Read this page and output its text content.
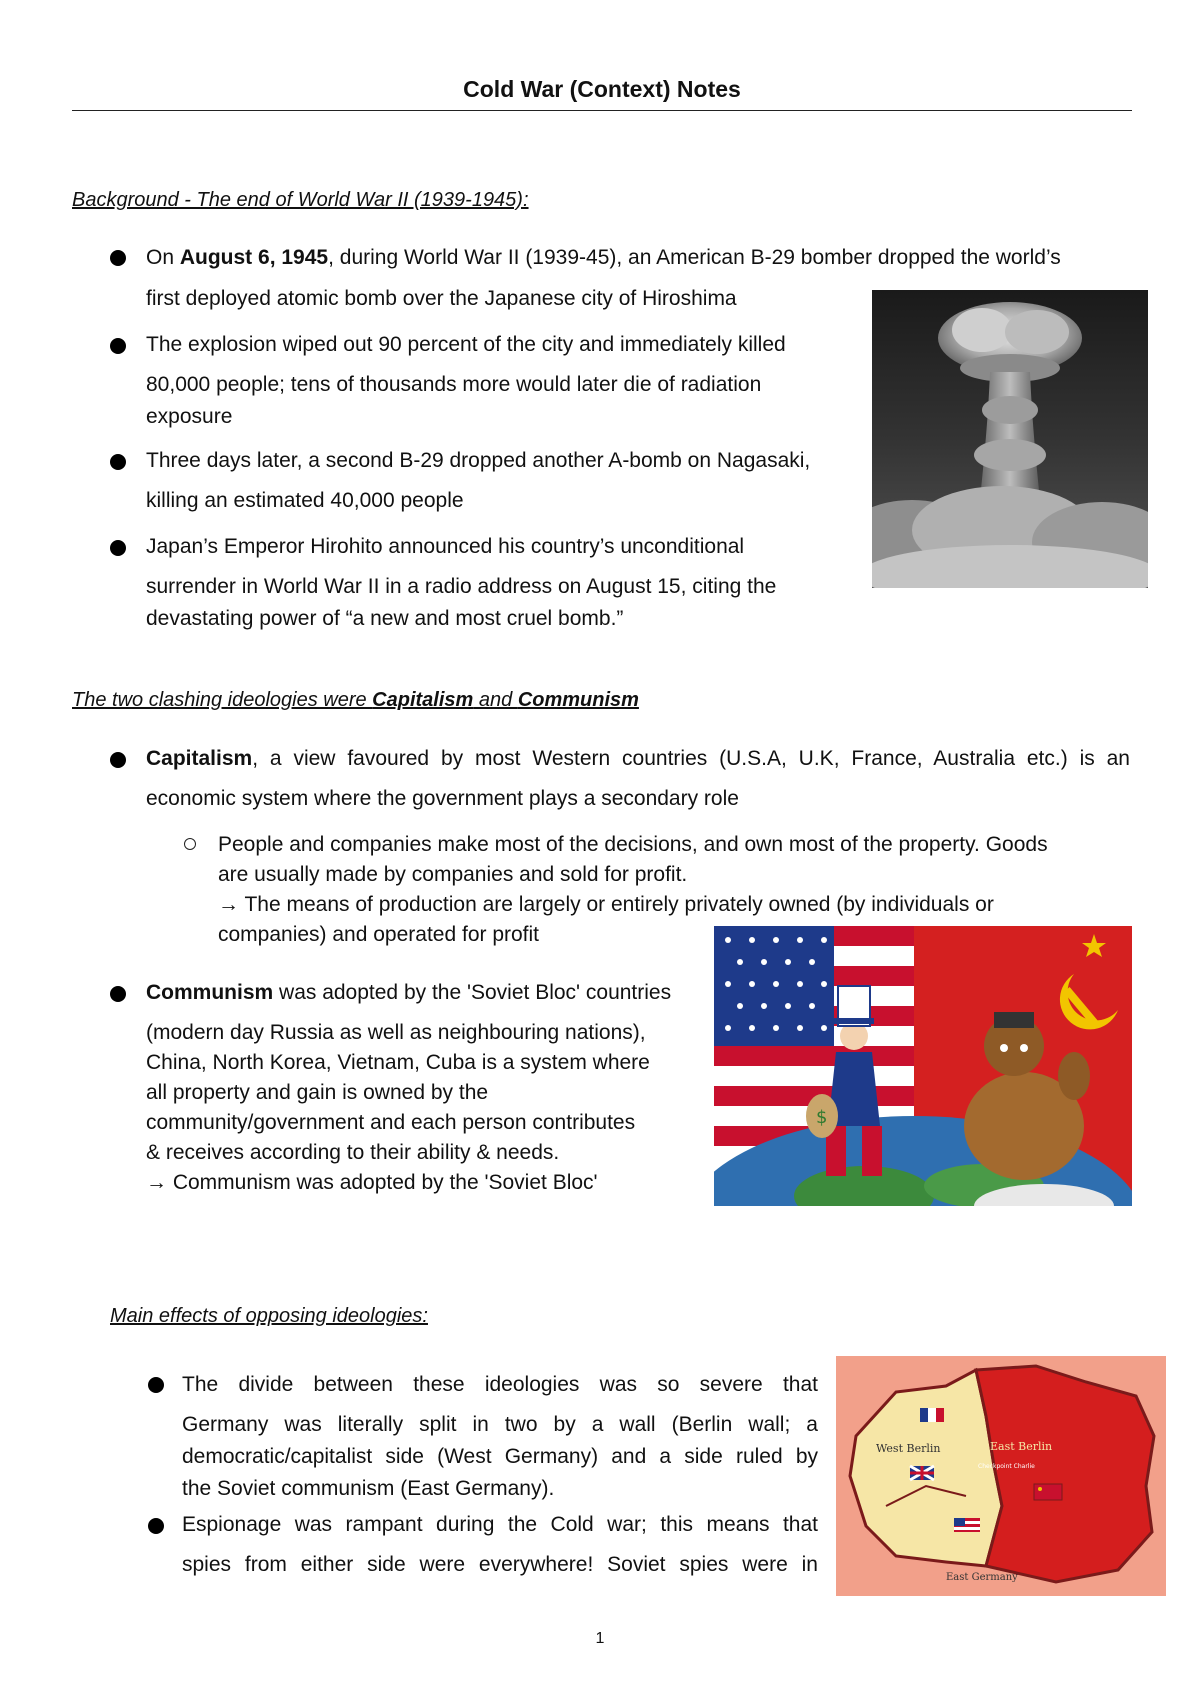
Cold War (Context) Notes
Background - The end of World War II (1939-1945):
On August 6, 1945, during World War II (1939-45), an American B-29 bomber dropped the world’s
first deployed atomic bomb over the Japanese city of Hiroshima
The explosion wiped out 90 percent of the city and immediately killed
80,000 people; tens of thousands more would later die of radiation
exposure
Three days later, a second B-29 dropped another A-bomb on Nagasaki,
killing an estimated 40,000 people
Japan’s Emperor Hirohito announced his country’s unconditional
surrender in World War II in a radio address on August 15, citing the
devastating power of “a new and most cruel bomb.”
The two clashing ideologies were Capitalism and Communism
Capitalism, a view favoured by most Western countries (U.S.A, U.K, France, Australia etc.) is an
economic system where the government plays a secondary role
People and companies make most of the decisions, and own most of the property. Goods
are usually made by companies and sold for profit.
→ The means of production are largely or entirely privately owned (by individuals or
companies) and operated for profit
Communism was adopted by the 'Soviet Bloc' countries
(modern day Russia as well as neighbouring nations),
China, North Korea, Vietnam, Cuba is a system where
all property and gain is owned by the
community/government and each person contributes
& receives according to their ability & needs.
→ Communism was adopted by the 'Soviet Bloc'
$
Main effects of opposing ideologies:
The divide between these ideologies was so severe that
Germany was literally split in two by a wall (Berlin wall; a
democratic/capitalist side (West Germany) and a side ruled by
the Soviet communism (East Germany).
Espionage was rampant during the Cold war; this means that
spies from either side were everywhere! Soviet spies were in
West Berlin	East Berlin
Checkpoint Charlie
East Germany
1
